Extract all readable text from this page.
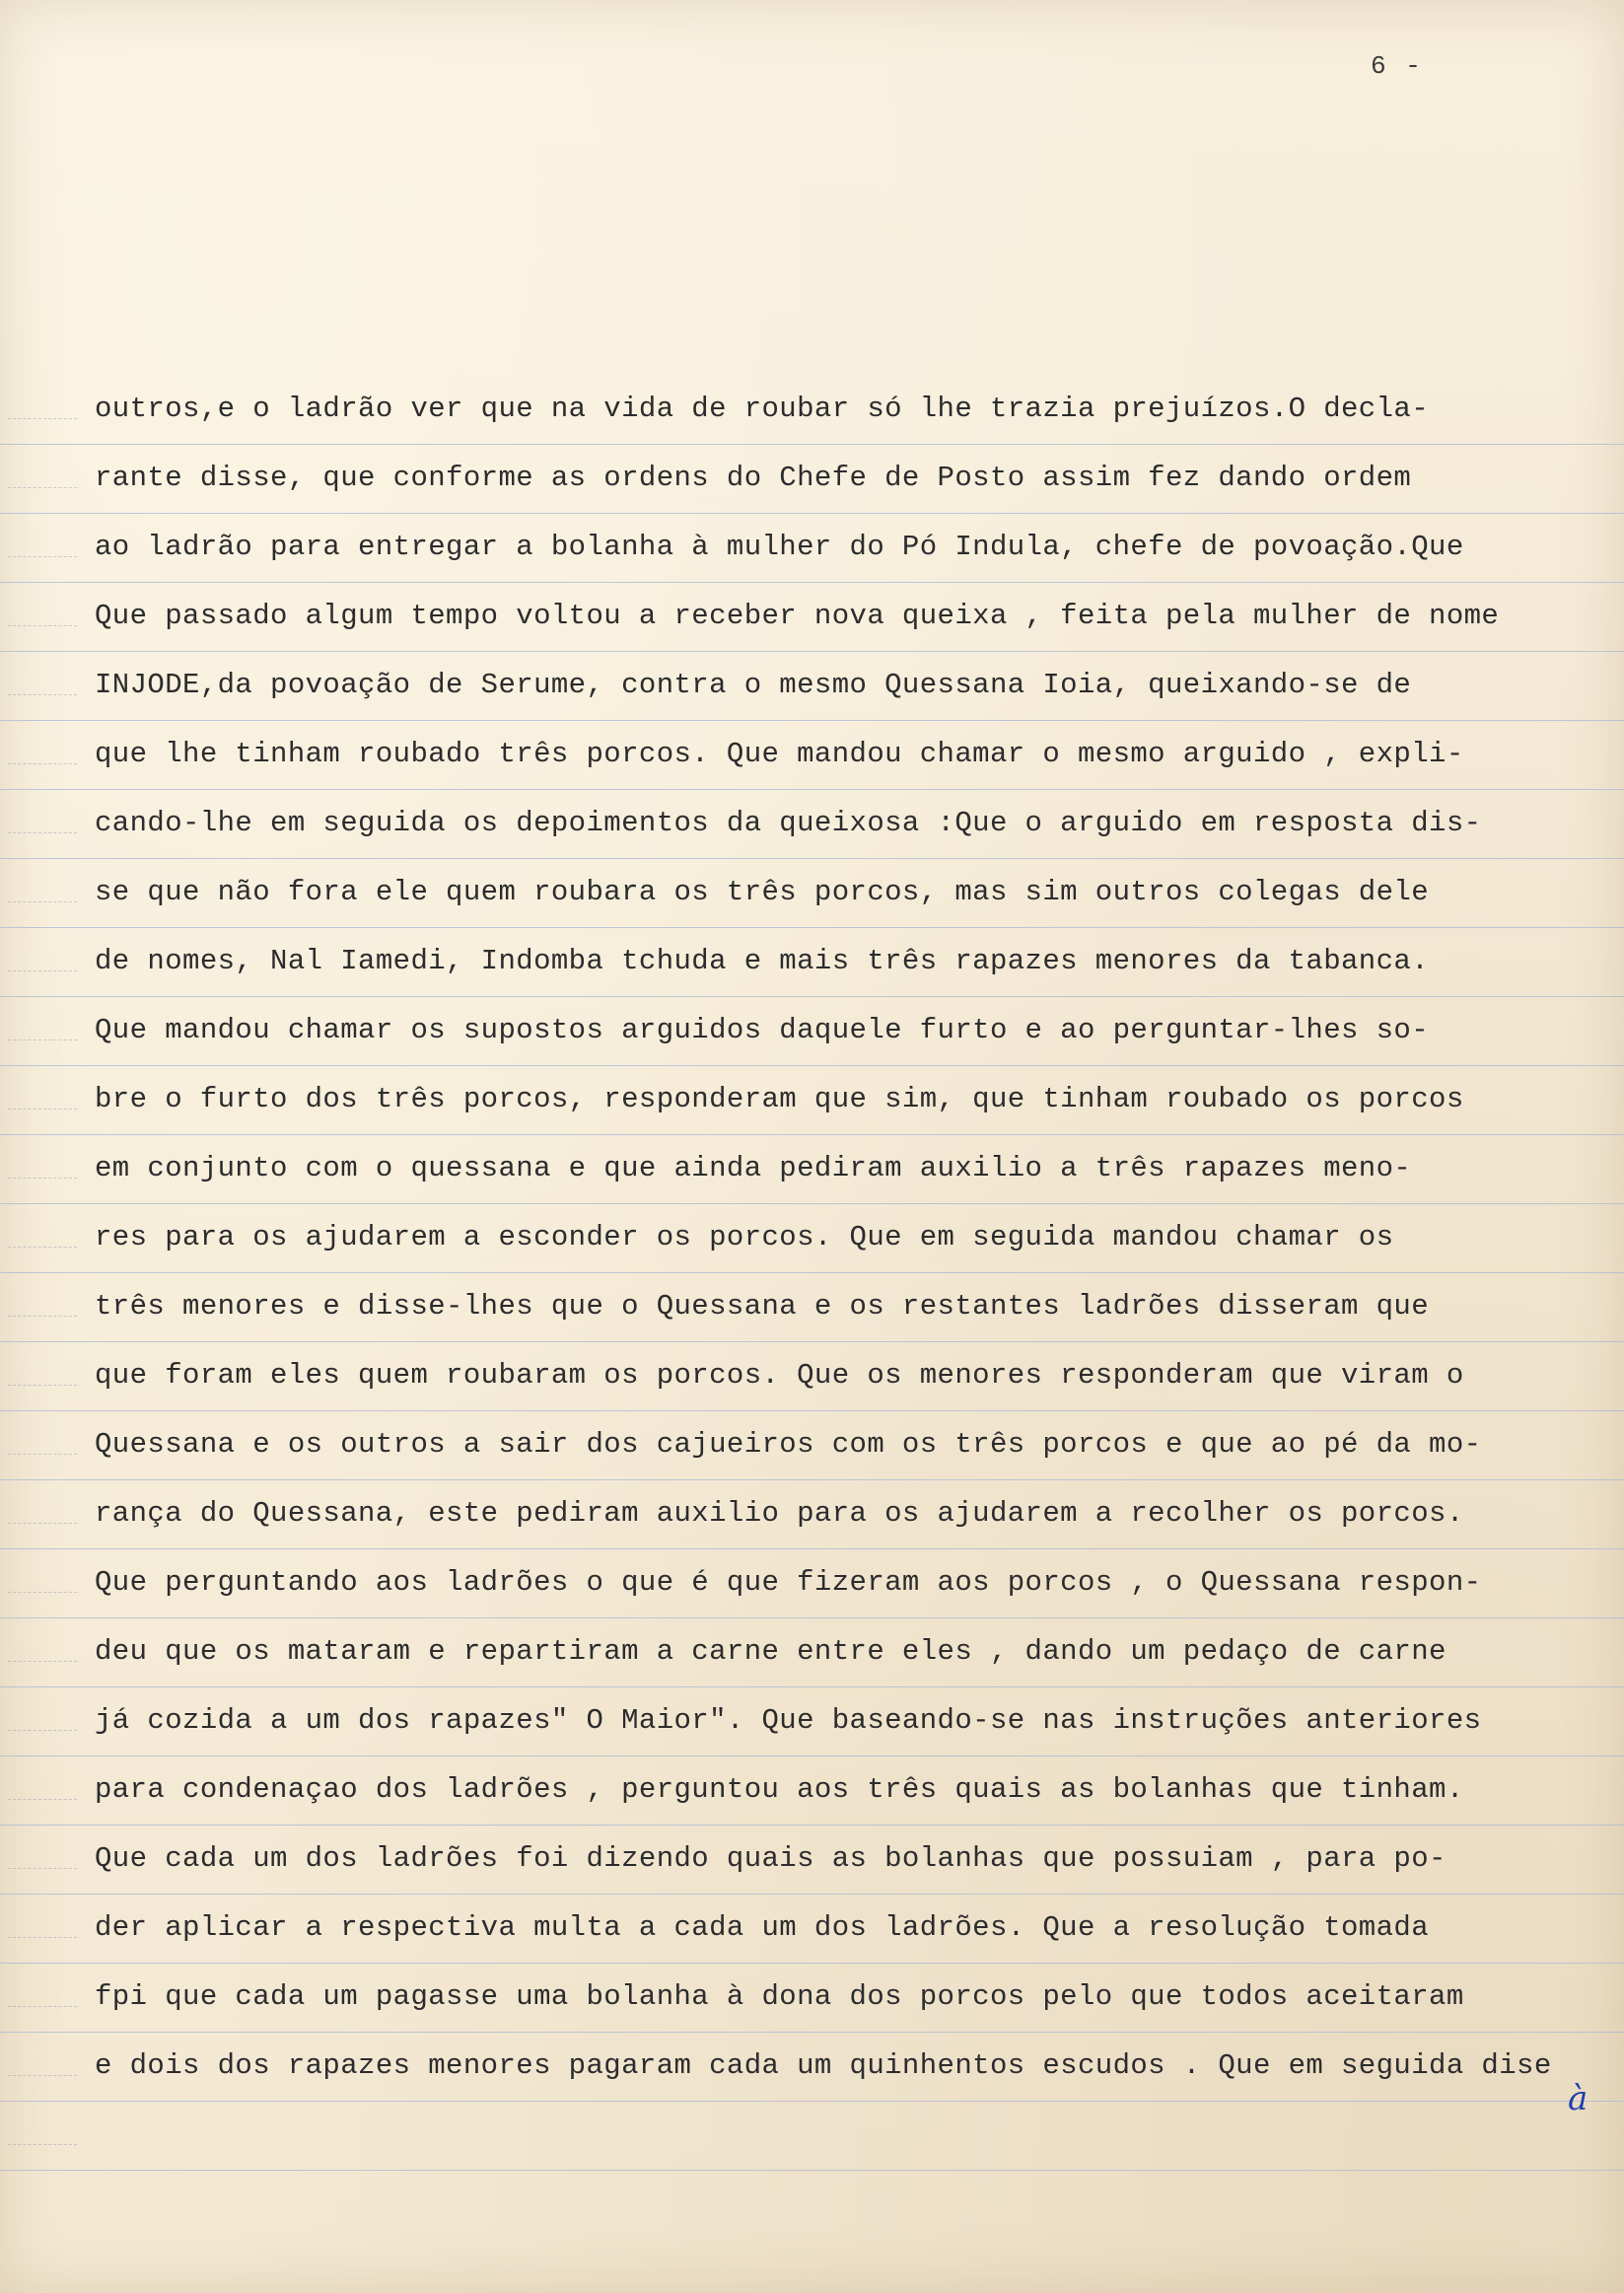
6 -
outros,e o ladrão ver que na vida de roubar só lhe trazia prejuízos.O decla-
rante disse, que conforme as ordens do Chefe de Posto assim fez dando ordem
ao ladrão para entregar a bolanha à mulher do Pó Indula, chefe de povoação.Que
Que passado algum tempo voltou a receber nova queixa , feita pela mulher de nome
INJODE,da povoação de Serume, contra o mesmo Quessana Ioia, queixando-se de
que lhe tinham roubado três porcos. Que mandou chamar o mesmo arguido , expli-
cando-lhe em seguida os depoimentos da queixosa :Que o arguido em resposta dis-
se que não fora ele quem roubara os três porcos, mas sim outros colegas dele
de nomes, Nal Iamedi, Indomba tchuda e mais três rapazes menores da tabanca.
Que mandou chamar os supostos arguidos daquele furto e ao perguntar-lhes so-
bre o furto dos três porcos, responderam que sim, que tinham roubado os porcos
em conjunto com o quessana e que ainda pediram auxilio a três rapazes meno-
res para os ajudarem a esconder os porcos. Que em seguida mandou chamar os
três menores e disse-lhes que o Quessana e os restantes ladrões disseram que
que foram eles quem roubaram os porcos. Que os menores responderam que viram o
Quessana e os outros a sair dos cajueiros com os três porcos e que ao pé da mo-
rança do Quessana, este pediram auxilio para os ajudarem a recolher os porcos.
Que perguntando aos ladrões o que é que fizeram aos porcos , o Quessana respon-
deu que os mataram e repartiram a carne entre eles , dando um pedaço de carne
já cozida a um dos rapazes" O Maior". Que baseando-se nas instruções anteriores
para condenaçao dos ladrões , perguntou aos três quais as bolanhas que tinham.
Que cada um dos ladrões foi dizendo quais as bolanhas que possuiam , para po-
der aplicar a respectiva multa a cada um dos ladrões. Que a resolução tomada
fpi que cada um pagasse uma bolanha à dona dos porcos pelo que todos aceitaram
e dois dos rapazes menores pagaram cada um quinhentos escudos . Que em seguida dise
à
